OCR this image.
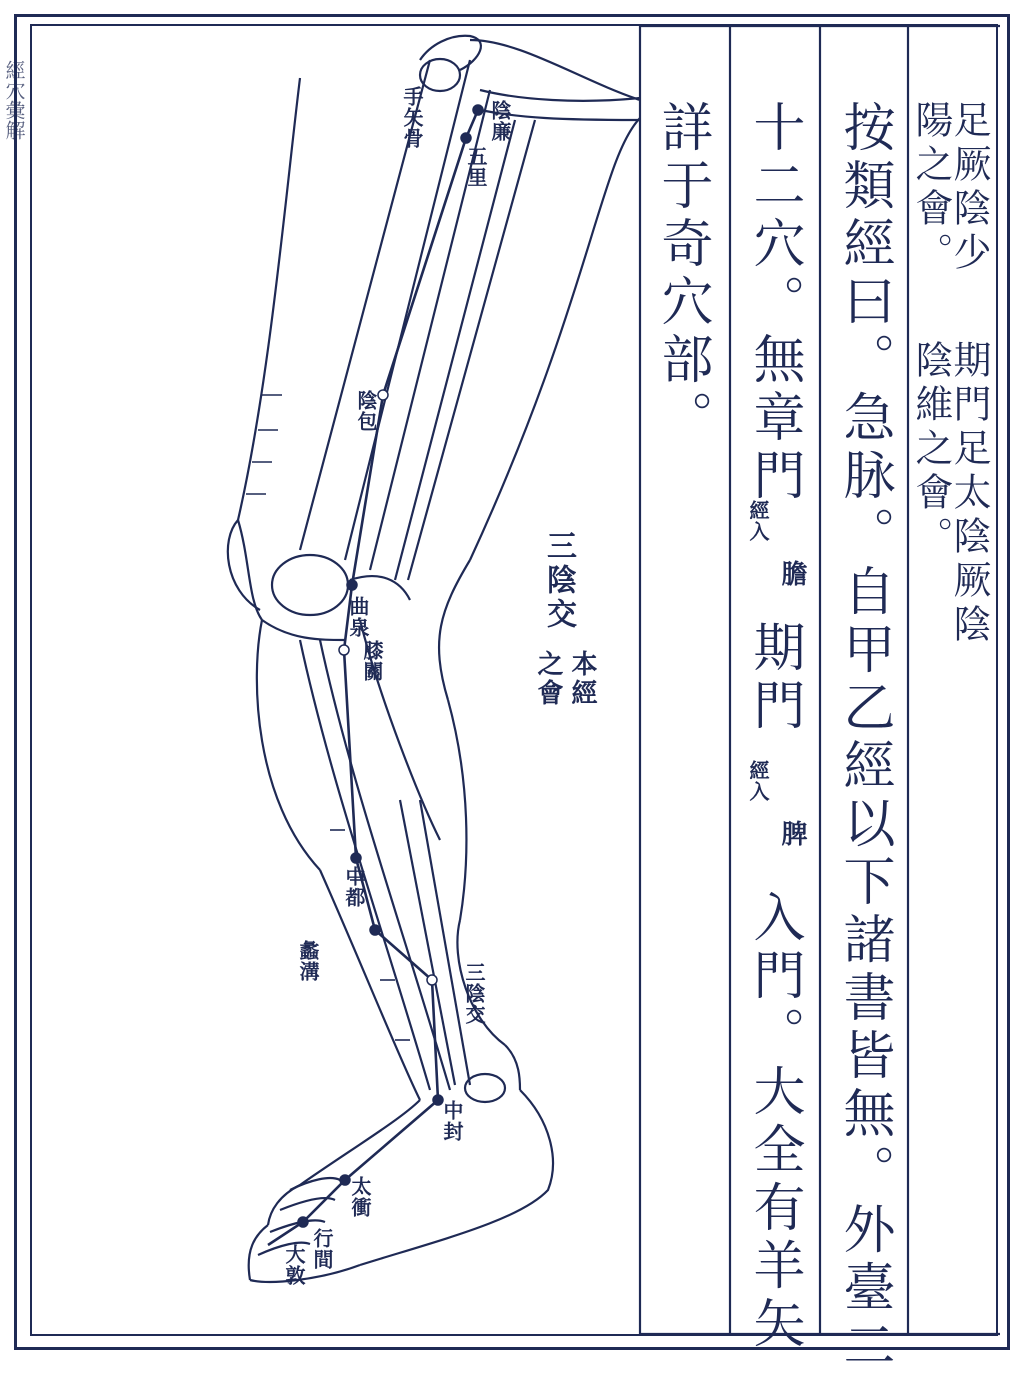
經穴彙解	手矢骨	陰廉
五里
陰包
曲泉
膝關
中都
蠡溝
三陰交
中封
太衝
行間
大敦
三陰交
本經
之會
足厥陰少
陽之會。
期門足太陰厥陰
陰維之會。
按類經曰。急脉。自甲乙經以下諸書皆無。外臺二
十二穴。無章門
經入
膽
期門
經入
脾
入門。大全有羊矢
詳于奇穴部。
